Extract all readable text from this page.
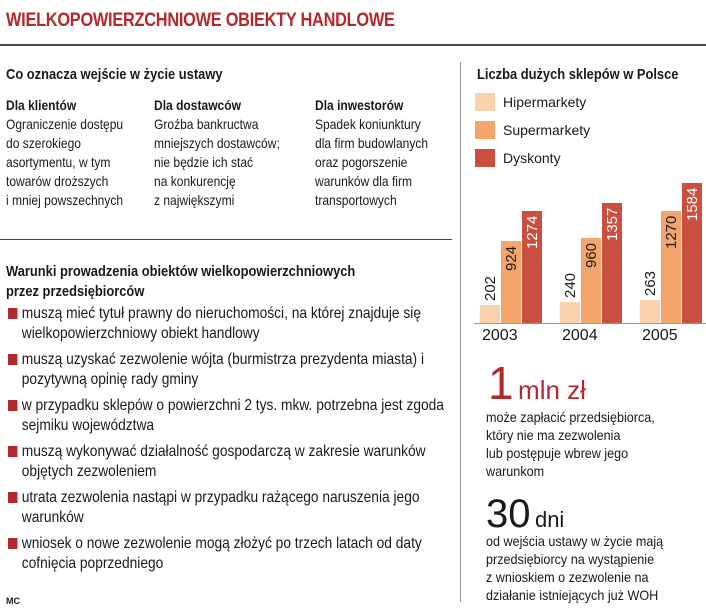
WIELKOPOWIERZCHNIOWE OBIEKTY HANDLOWE
Co oznacza wejście w życie ustawy
Dla klientów
Ograniczenie dostępu
do szerokiego
asortymentu, w tym
towarów droższych
i mniej powszechnych
Dla dostawców
Groźba bankructwa
mniejszych dostawców;
nie będzie ich stać
na konkurencję
z największymi
Dla inwestorów
Spadek koniunktury
dla firm budowlanych
oraz pogorszenie
warunków dla firm
transportowych
Warunki prowadzenia obiektów wielkopowierzchniowych
przez przedsiębiorców
muszą mieć tytuł prawny do nieruchomości, na której znajduje się wielkopowierzchniowy obiekt handlowy
muszą uzyskać zezwolenie wójta (burmistrza prezydenta miasta) i pozytywną opinię rady gminy
w przypadku sklepów o powierzchni 2 tys. mkw. potrzebna jest zgoda sejmiku województwa
muszą wykonywać działalność gospodarczą w zakresie warunków objętych zezwoleniem
utrata zezwolenia nastąpi w przypadku rażącego naruszenia jego warunków
wniosek o nowe zezwolenie mogą złożyć po trzech latach od daty cofnięcia poprzedniego
Liczba dużych sklepów w Polsce
Hipermarkety
Supermarkety
Dyskonty
202
924
1274
2003
240
960
1357
2004
263
1270
1584
2005
1 mln zł
może zapłacić przedsiębiorca,
który nie ma zezwolenia
lub postępuje wbrew jego
warunkom
30 dni
od wejścia ustawy w życie mają
przedsiębiorcy na wystąpienie
z wnioskiem o zezwolenie na
działanie istniejących już WOH
MC
